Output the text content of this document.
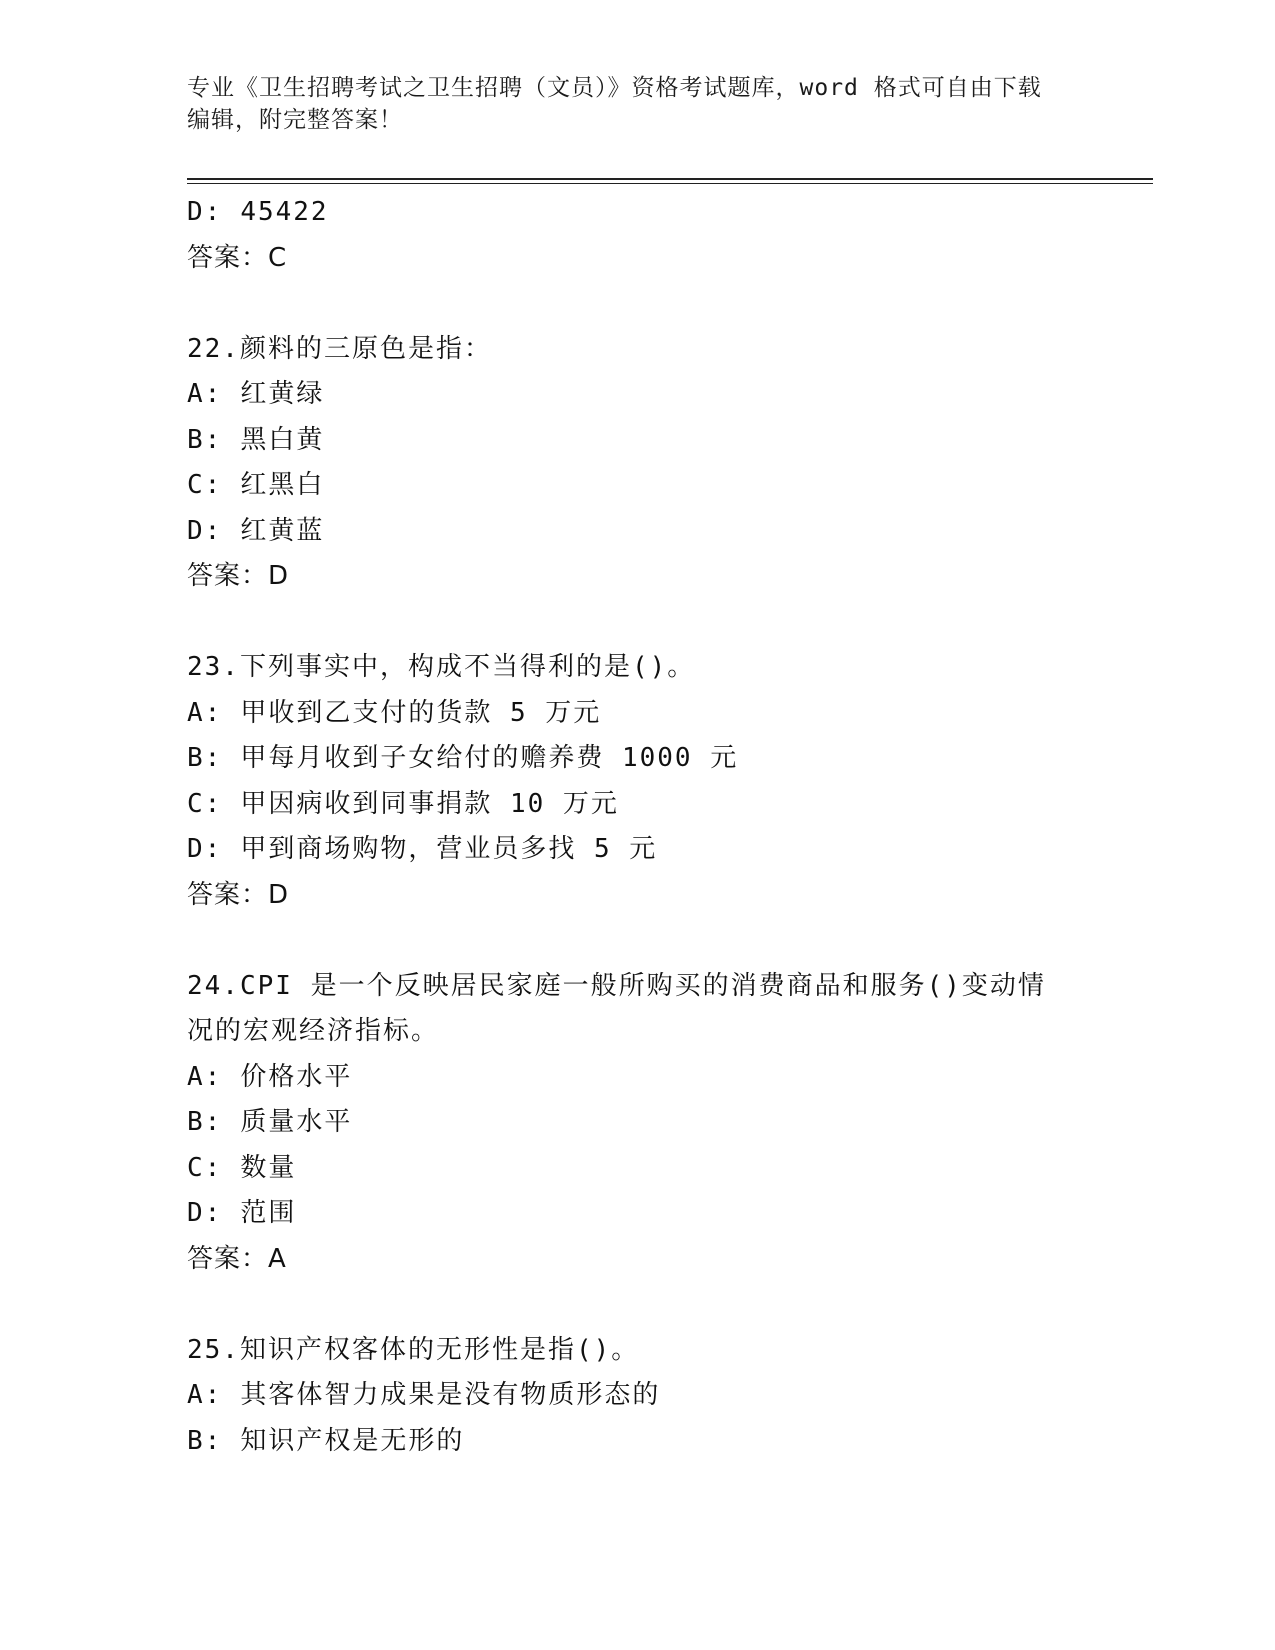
专业《卫生招聘考试之卫生招聘（文员）》资格考试题库，word 格式可自由下载
编辑，附完整答案！
D: 45422
答案：C
22.颜料的三原色是指：
A: 红黄绿
B: 黑白黄
C: 红黑白
D: 红黄蓝
答案：D
23.下列事实中，构成不当得利的是()。
A: 甲收到乙支付的货款 5 万元
B: 甲每月收到子女给付的赡养费 1000 元
C: 甲因病收到同事捐款 10 万元
D: 甲到商场购物，营业员多找 5 元
答案：D
24.CPI 是一个反映居民家庭一般所购买的消费商品和服务()变动情况的宏观经济指标。
A: 价格水平
B: 质量水平
C: 数量
D: 范围
答案：A
25.知识产权客体的无形性是指()。
A: 其客体智力成果是没有物质形态的
B: 知识产权是无形的
